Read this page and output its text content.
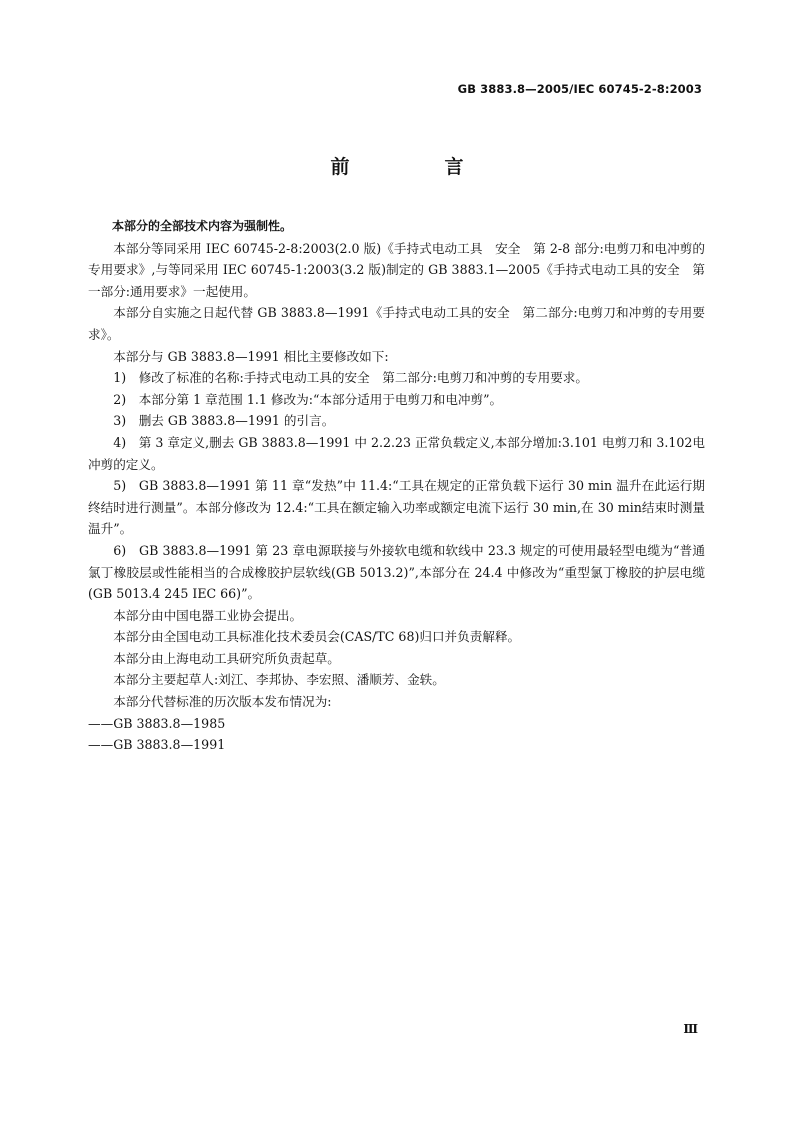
GB 3883.8—2005/IEC 60745-2-8:2003
前　言

本部分的全部技术内容为强制性。

本部分等同采用 IEC 60745-2-8:2003(2.0 版)《手持式电动工具　安全　第 2-8 部分:电剪刀和电冲剪的专用要求》,与等同采用 IEC 60745-1:2003(3.2 版)制定的 GB 3883.1—2005《手持式电动工具的安全　第一部分:通用要求》一起使用。

本部分自实施之日起代替 GB 3883.8—1991《手持式电动工具的安全　第二部分:电剪刀和冲剪的专用要求》。

本部分与 GB 3883.8—1991 相比主要修改如下:

1)　修改了标准的名称:手持式电动工具的安全　第二部分:电剪刀和冲剪的专用要求。

2)　本部分第 1 章范围 1.1 修改为:“本部分适用于电剪刀和电冲剪”。

3)　删去 GB 3883.8—1991 的引言。

4)　第 3 章定义,删去 GB 3883.8—1991 中 2.2.23 正常负载定义,本部分增加:3.101 电剪刀和 3.102电冲剪的定义。

5)　GB 3883.8—1991 第 11 章“发热”中 11.4:“工具在规定的正常负载下运行 30 min 温升在此运行期终结时进行测量”。本部分修改为 12.4:“工具在额定输入功率或额定电流下运行 30 min,在 30 min结束时测量温升”。

6)　GB 3883.8—1991 第 23 章电源联接与外接软电缆和软线中 23.3 规定的可使用最轻型电缆为“普通氯丁橡胶层或性能相当的合成橡胶护层软线(GB 5013.2)”,本部分在 24.4 中修改为“重型氯丁橡胶的护层电缆(GB 5013.4 245 IEC 66)”。

本部分由中国电器工业协会提出。

本部分由全国电动工具标准化技术委员会(CAS/TC 68)归口并负责解释。

本部分由上海电动工具研究所负责起草。

本部分主要起草人:刘江、李邦协、李宏照、潘顺芳、金轶。

本部分代替标准的历次版本发布情况为:

——GB 3883.8—1985

——GB 3883.8—1991

Ⅲ
